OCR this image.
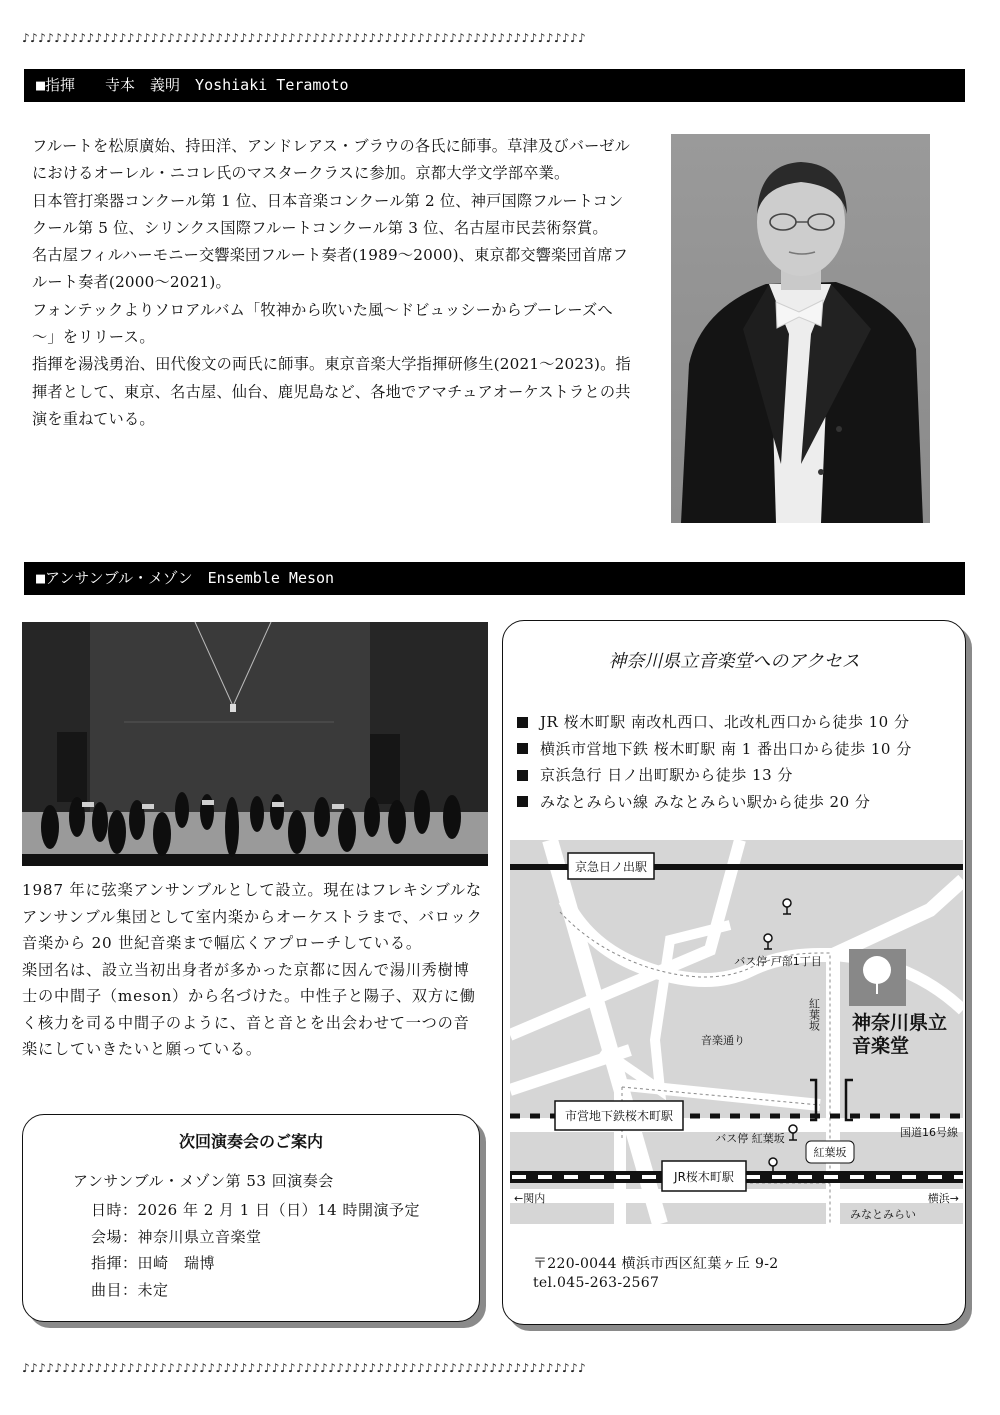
♪♪♪♪♪♪♪♪♪♪♪♪♪♪♪♪♪♪♪♪♪♪♪♪♪♪♪♪♪♪♪♪♪♪♪♪♪♪♪♪♪♪♪♪♪♪♪♪♪♪♪♪♪♪♪♪♪♪♪♪♪♪♪♪♪♪♪♪♪♪
■指揮　　寺本　義明　Yoshiaki Teramoto

フルートを松原廣始、持田洋、アンドレアス・ブラウの各氏に師事。草津及びバーゼルにおけるオーレル・ニコレ氏のマスタークラスに参加。京都大学文学部卒業。

日本管打楽器コンクール第 1 位、日本音楽コンクール第 2 位、神戸国際フルートコンクール第 5 位、シリンクス国際フルートコンクール第 3 位、名古屋市民芸術祭賞。

名古屋フィルハーモニー交響楽団フルート奏者(1989～2000)、東京都交響楽団首席フルート奏者(2000～2021)。

フォンテックよりソロアルバム「牧神から吹いた風～ドビュッシーからブーレーズへ～」をリリース。

指揮を湯浅勇治、田代俊文の両氏に師事。東京音楽大学指揮研修生(2021～2023)。指揮者として、東京、名古屋、仙台、鹿児島など、各地でアマチュアオーケストラとの共演を重ねている。

■アンサンブル・メゾン　Ensemble Meson

1987 年に弦楽アンサンブルとして設立。現在はフレキシブルなアンサンブル集団として室内楽からオーケストラまで、バロック音楽から 20 世紀音楽まで幅広くアプローチしている。

楽団名は、設立当初出身者が多かった京都に因んで湯川秀樹博士の中間子（meson）から名づけた。中性子と陽子、双方に働く核力を司る中間子のように、音と音とを出会わせて一つの音楽にしていきたいと願っている。

次回演奏会のご案内
アンサンブル・メゾン第 53 回演奏会
日時：2026 年 2 月 1 日（日）14 時開演予定
会場：神奈川県立音楽堂
指揮：田崎　瑞博
曲目：未定
神奈川県立音楽堂へのアクセス
JR 桜木町駅 南改札西口、北改札西口から徒歩 10 分
横浜市営地下鉄 桜木町駅 南 1 番出口から徒歩 10 分
京浜急行 日ノ出町駅から徒歩 13 分
みなとみらい線 みなとみらい駅から徒歩 20 分
京急日ノ出駅
市営地下鉄桜木町駅
JR桜木町駅
バス停 戸部1丁目
バス停 紅葉坂
紅葉坂
音楽通り
神奈川県立
音楽堂
国道16号線
紅葉坂
←関内	横浜→
みなとみらい
〒220-0044 横浜市西区紅葉ヶ丘 9-2
tel.045-263-2567
♪♪♪♪♪♪♪♪♪♪♪♪♪♪♪♪♪♪♪♪♪♪♪♪♪♪♪♪♪♪♪♪♪♪♪♪♪♪♪♪♪♪♪♪♪♪♪♪♪♪♪♪♪♪♪♪♪♪♪♪♪♪♪♪♪♪♪♪♪♪
